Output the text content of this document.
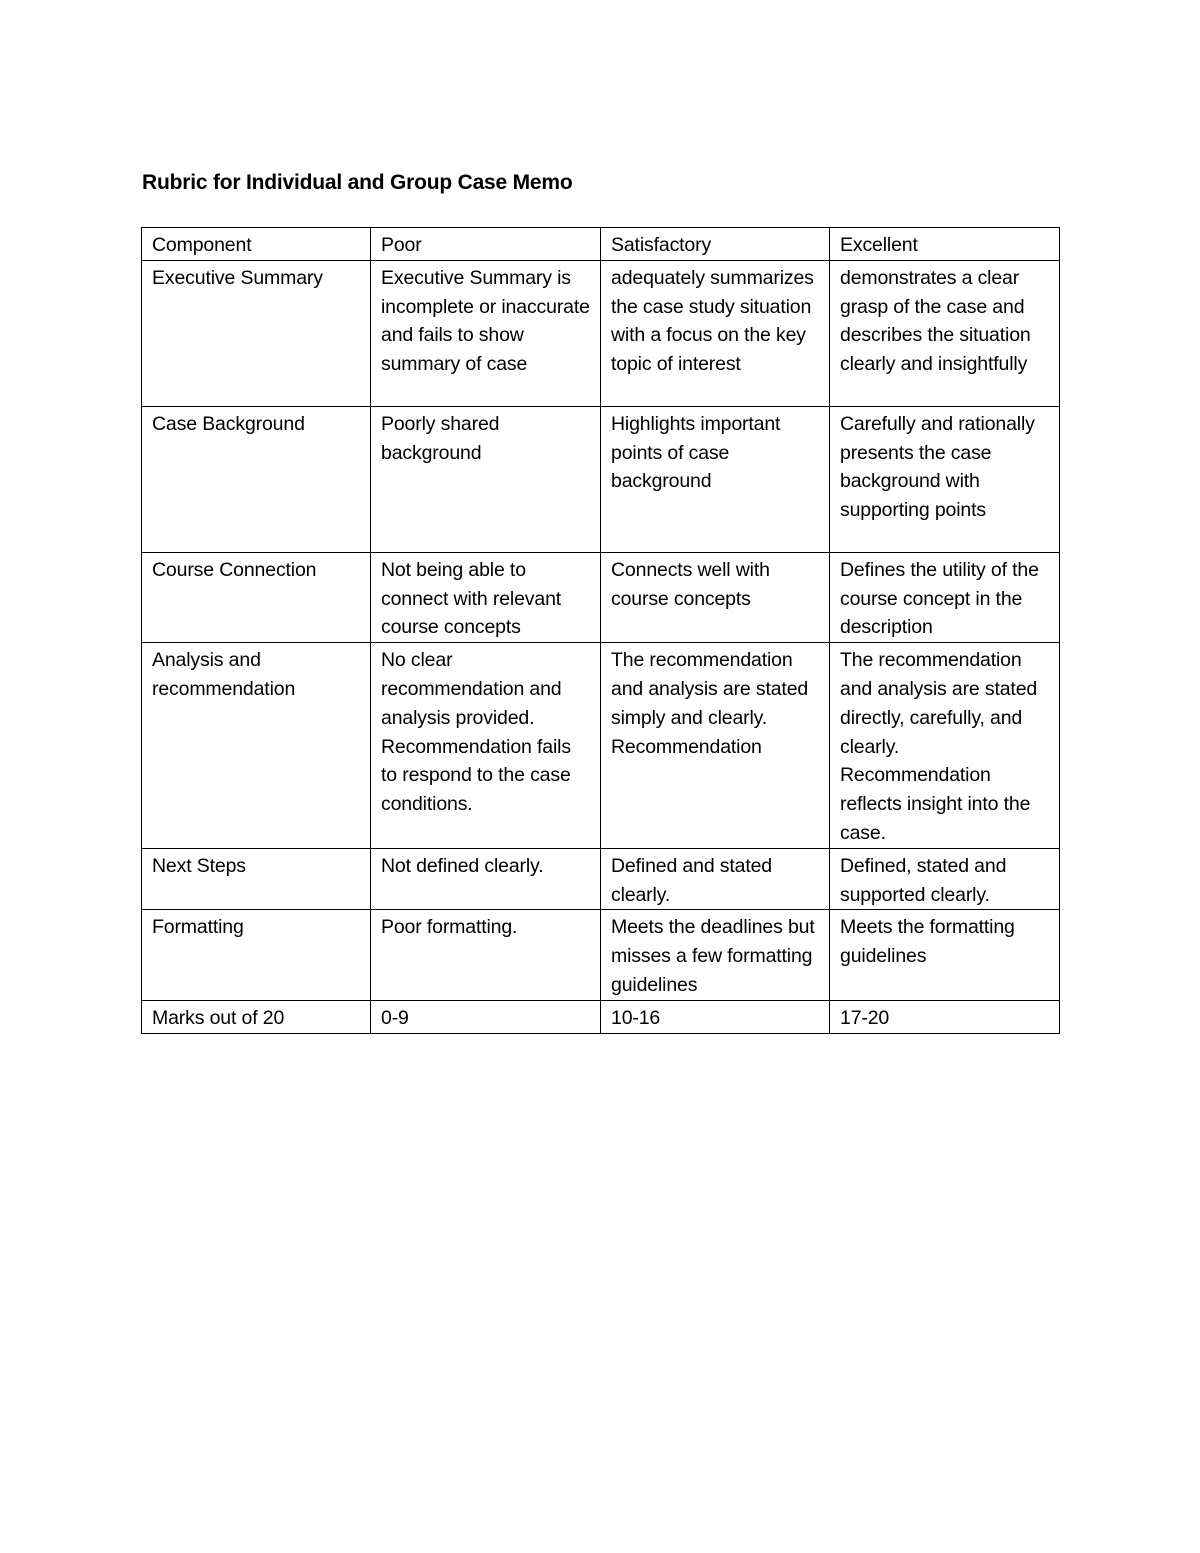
Rubric for Individual and Group Case Memo
Component	Poor	Satisfactory	Excellent
Executive Summary	Executive Summary is incomplete or inaccurate and fails to show summary of case	adequately summarizes the case study situation with a focus on the key topic of interest	demonstrates a clear grasp of the case and describes the situation clearly and insightfully
Case Background	Poorly shared background	Highlights important points of case background	Carefully and rationally presents the case background with supporting points
Course Connection	Not being able to connect with relevant course concepts	Connects well with course concepts	Defines the utility of the course concept in the description
Analysis and recommendation	No clear recommendation and analysis provided. Recommendation fails to respond to the case conditions.	The recommendation and analysis are stated simply and clearly. Recommendation	The recommendation and analysis are stated directly, carefully, and clearly. Recommendation reflects insight into the case.
Next Steps	Not defined clearly.	Defined and stated clearly.	Defined, stated and supported clearly.
Formatting	Poor formatting.	Meets the deadlines but misses a few formatting guidelines	Meets the formatting guidelines
Marks out of 20	0-9	10-16	17-20
